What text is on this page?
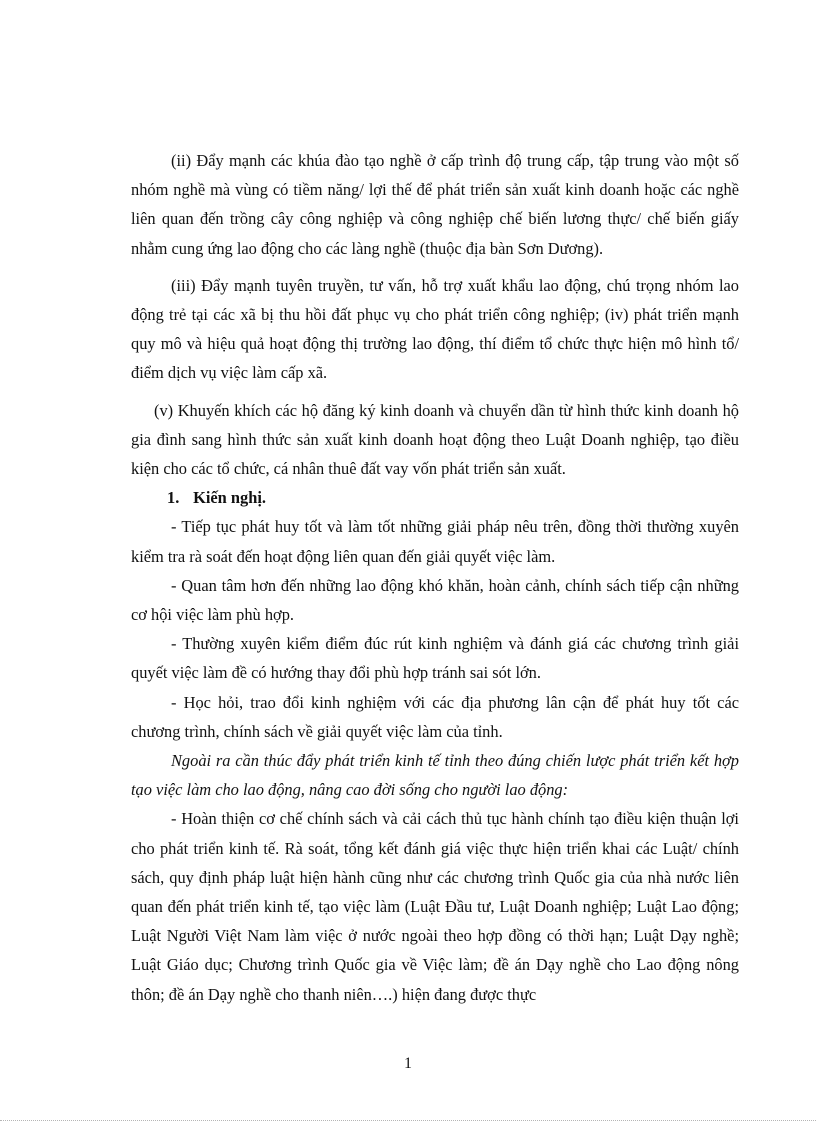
(ii) Đẩy mạnh các khúa đào tạo nghề ở cấp trình độ trung cấp, tập trung vào một số nhóm nghề mà vùng có tiềm năng/ lợi thế để phát triển sản xuất kinh doanh hoặc các nghề liên quan đến trồng cây công nghiệp và công nghiệp chế biến lương thực/ chế biến giấy nhằm cung ứng lao động cho các làng nghề (thuộc địa bàn Sơn Dương).

(iii) Đẩy mạnh tuyên truyền, tư vấn, hỗ trợ xuất khẩu lao động, chú trọng nhóm lao động trẻ tại các xã bị thu hồi đất phục vụ cho phát triển công nghiệp; (iv) phát triển mạnh quy mô và hiệu quả hoạt động thị trường lao động, thí điểm tổ chức thực hiện mô hình tổ/ điểm dịch vụ việc làm cấp xã.

(v) Khuyến khích các hộ đăng ký kinh doanh và chuyển dần từ hình thức kinh doanh hộ gia đình sang hình thức sản xuất kinh doanh hoạt động theo Luật Doanh nghiệp, tạo điều kiện cho các tổ chức, cá nhân thuê đất vay vốn phát triển sản xuất.

1. Kiến nghị.

- Tiếp tục phát huy tốt và làm tốt những giải pháp nêu trên, đồng thời thường xuyên kiểm tra rà soát đến hoạt động liên quan đến giải quyết việc làm.

- Quan tâm hơn đến những lao động khó khăn, hoàn cảnh, chính sách tiếp cận những cơ hội việc làm phù hợp.

- Thường xuyên kiểm điểm đúc rút kinh nghiệm và đánh giá các chương trình giải quyết việc làm đề có hướng thay đổi phù hợp tránh sai sót lớn.

- Học hỏi, trao đổi kinh nghiệm với các địa phương lân cận để phát huy tốt các chương trình, chính sách về giải quyết việc làm của tỉnh.

Ngoài ra cần thúc đẩy phát triển kinh tế tỉnh theo đúng chiến lược phát triển kết hợp tạo việc làm cho lao động, nâng cao đời sống cho người lao động:

- Hoàn thiện cơ chế chính sách và cải cách thủ tục hành chính tạo điều kiện thuận lợi cho phát triển kinh tế. Rà soát, tổng kết đánh giá việc thực hiện triển khai các Luật/ chính sách, quy định pháp luật hiện hành cũng như các chương trình Quốc gia của nhà nước liên quan đến phát triển kinh tế, tạo việc làm (Luật Đầu tư, Luật Doanh nghiệp; Luật Lao động; Luật Người Việt Nam làm việc ở nước ngoài theo hợp đồng có thời hạn; Luật Dạy nghề; Luật Giáo dục; Chương trình Quốc gia về Việc làm; đề án Dạy nghề cho Lao động nông thôn; đề án Dạy nghề cho thanh niên….) hiện đang được thực

1
